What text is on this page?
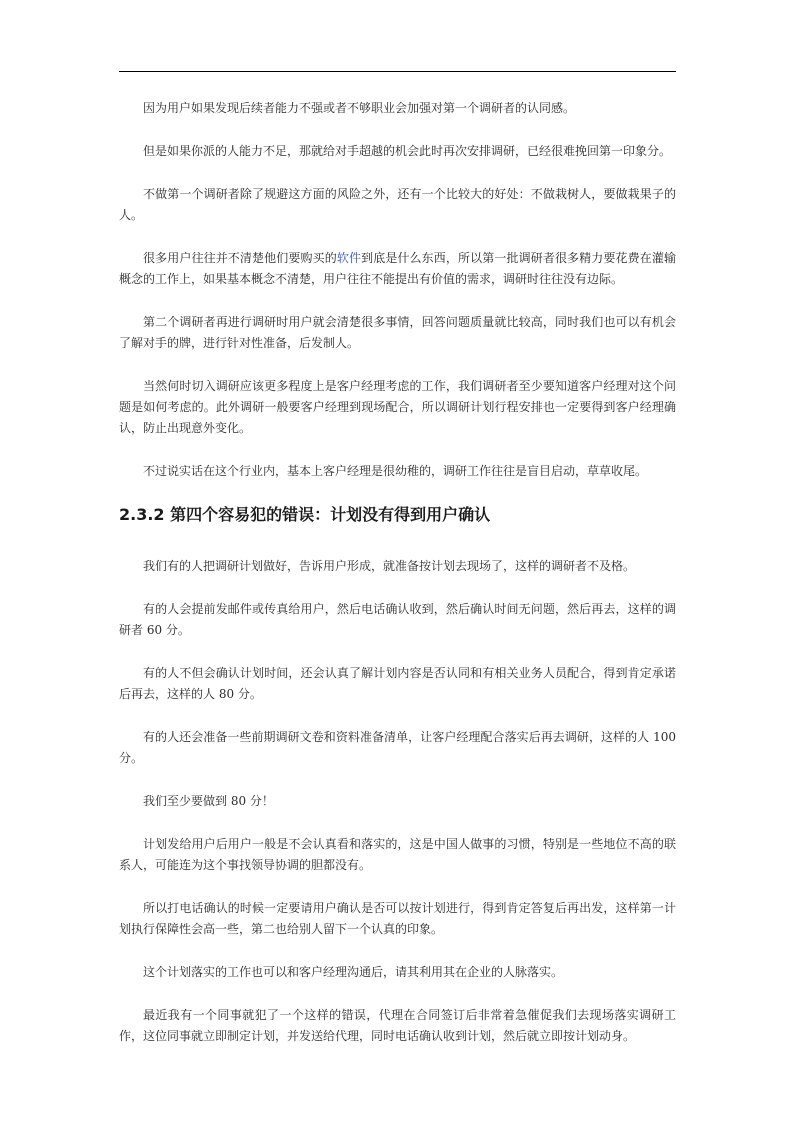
因为用户如果发现后续者能力不强或者不够职业会加强对第一个调研者的认同感。

但是如果你派的人能力不足，那就给对手超越的机会此时再次安排调研，已经很难挽回第一印象分。

不做第一个调研者除了规避这方面的风险之外，还有一个比较大的好处：不做栽树人，要做栽果子的人。

很多用户往往并不清楚他们要购买的软件到底是什么东西，所以第一批调研者很多精力要花费在灌输概念的工作上，如果基本概念不清楚，用户往往不能提出有价值的需求，调研时往往没有边际。

第二个调研者再进行调研时用户就会清楚很多事情，回答问题质量就比较高，同时我们也可以有机会了解对手的牌，进行针对性准备，后发制人。

当然何时切入调研应该更多程度上是客户经理考虑的工作，我们调研者至少要知道客户经理对这个问题是如何考虑的。此外调研一般要客户经理到现场配合，所以调研计划行程安排也一定要得到客户经理确认，防止出现意外变化。

不过说实话在这个行业内，基本上客户经理是很幼稚的，调研工作往往是盲目启动，草草收尾。

2.3.2 第四个容易犯的错误：计划没有得到用户确认

我们有的人把调研计划做好，告诉用户形成，就准备按计划去现场了，这样的调研者不及格。

有的人会提前发邮件或传真给用户，然后电话确认收到，然后确认时间无问题，然后再去，这样的调研者 60 分。

有的人不但会确认计划时间，还会认真了解计划内容是否认同和有相关业务人员配合，得到肯定承诺后再去，这样的人 80 分。

有的人还会准备一些前期调研文卷和资料准备清单，让客户经理配合落实后再去调研，这样的人 100 分。

我们至少要做到 80 分！

计划发给用户后用户一般是不会认真看和落实的，这是中国人做事的习惯，特别是一些地位不高的联系人，可能连为这个事找领导协调的胆都没有。

所以打电话确认的时候一定要请用户确认是否可以按计划进行，得到肯定答复后再出发，这样第一计划执行保障性会高一些，第二也给别人留下一个认真的印象。

这个计划落实的工作也可以和客户经理沟通后，请其利用其在企业的人脉落实。

最近我有一个同事就犯了一个这样的错误，代理在合同签订后非常着急催促我们去现场落实调研工作，这位同事就立即制定计划，并发送给代理，同时电话确认收到计划，然后就立即按计划动身。
